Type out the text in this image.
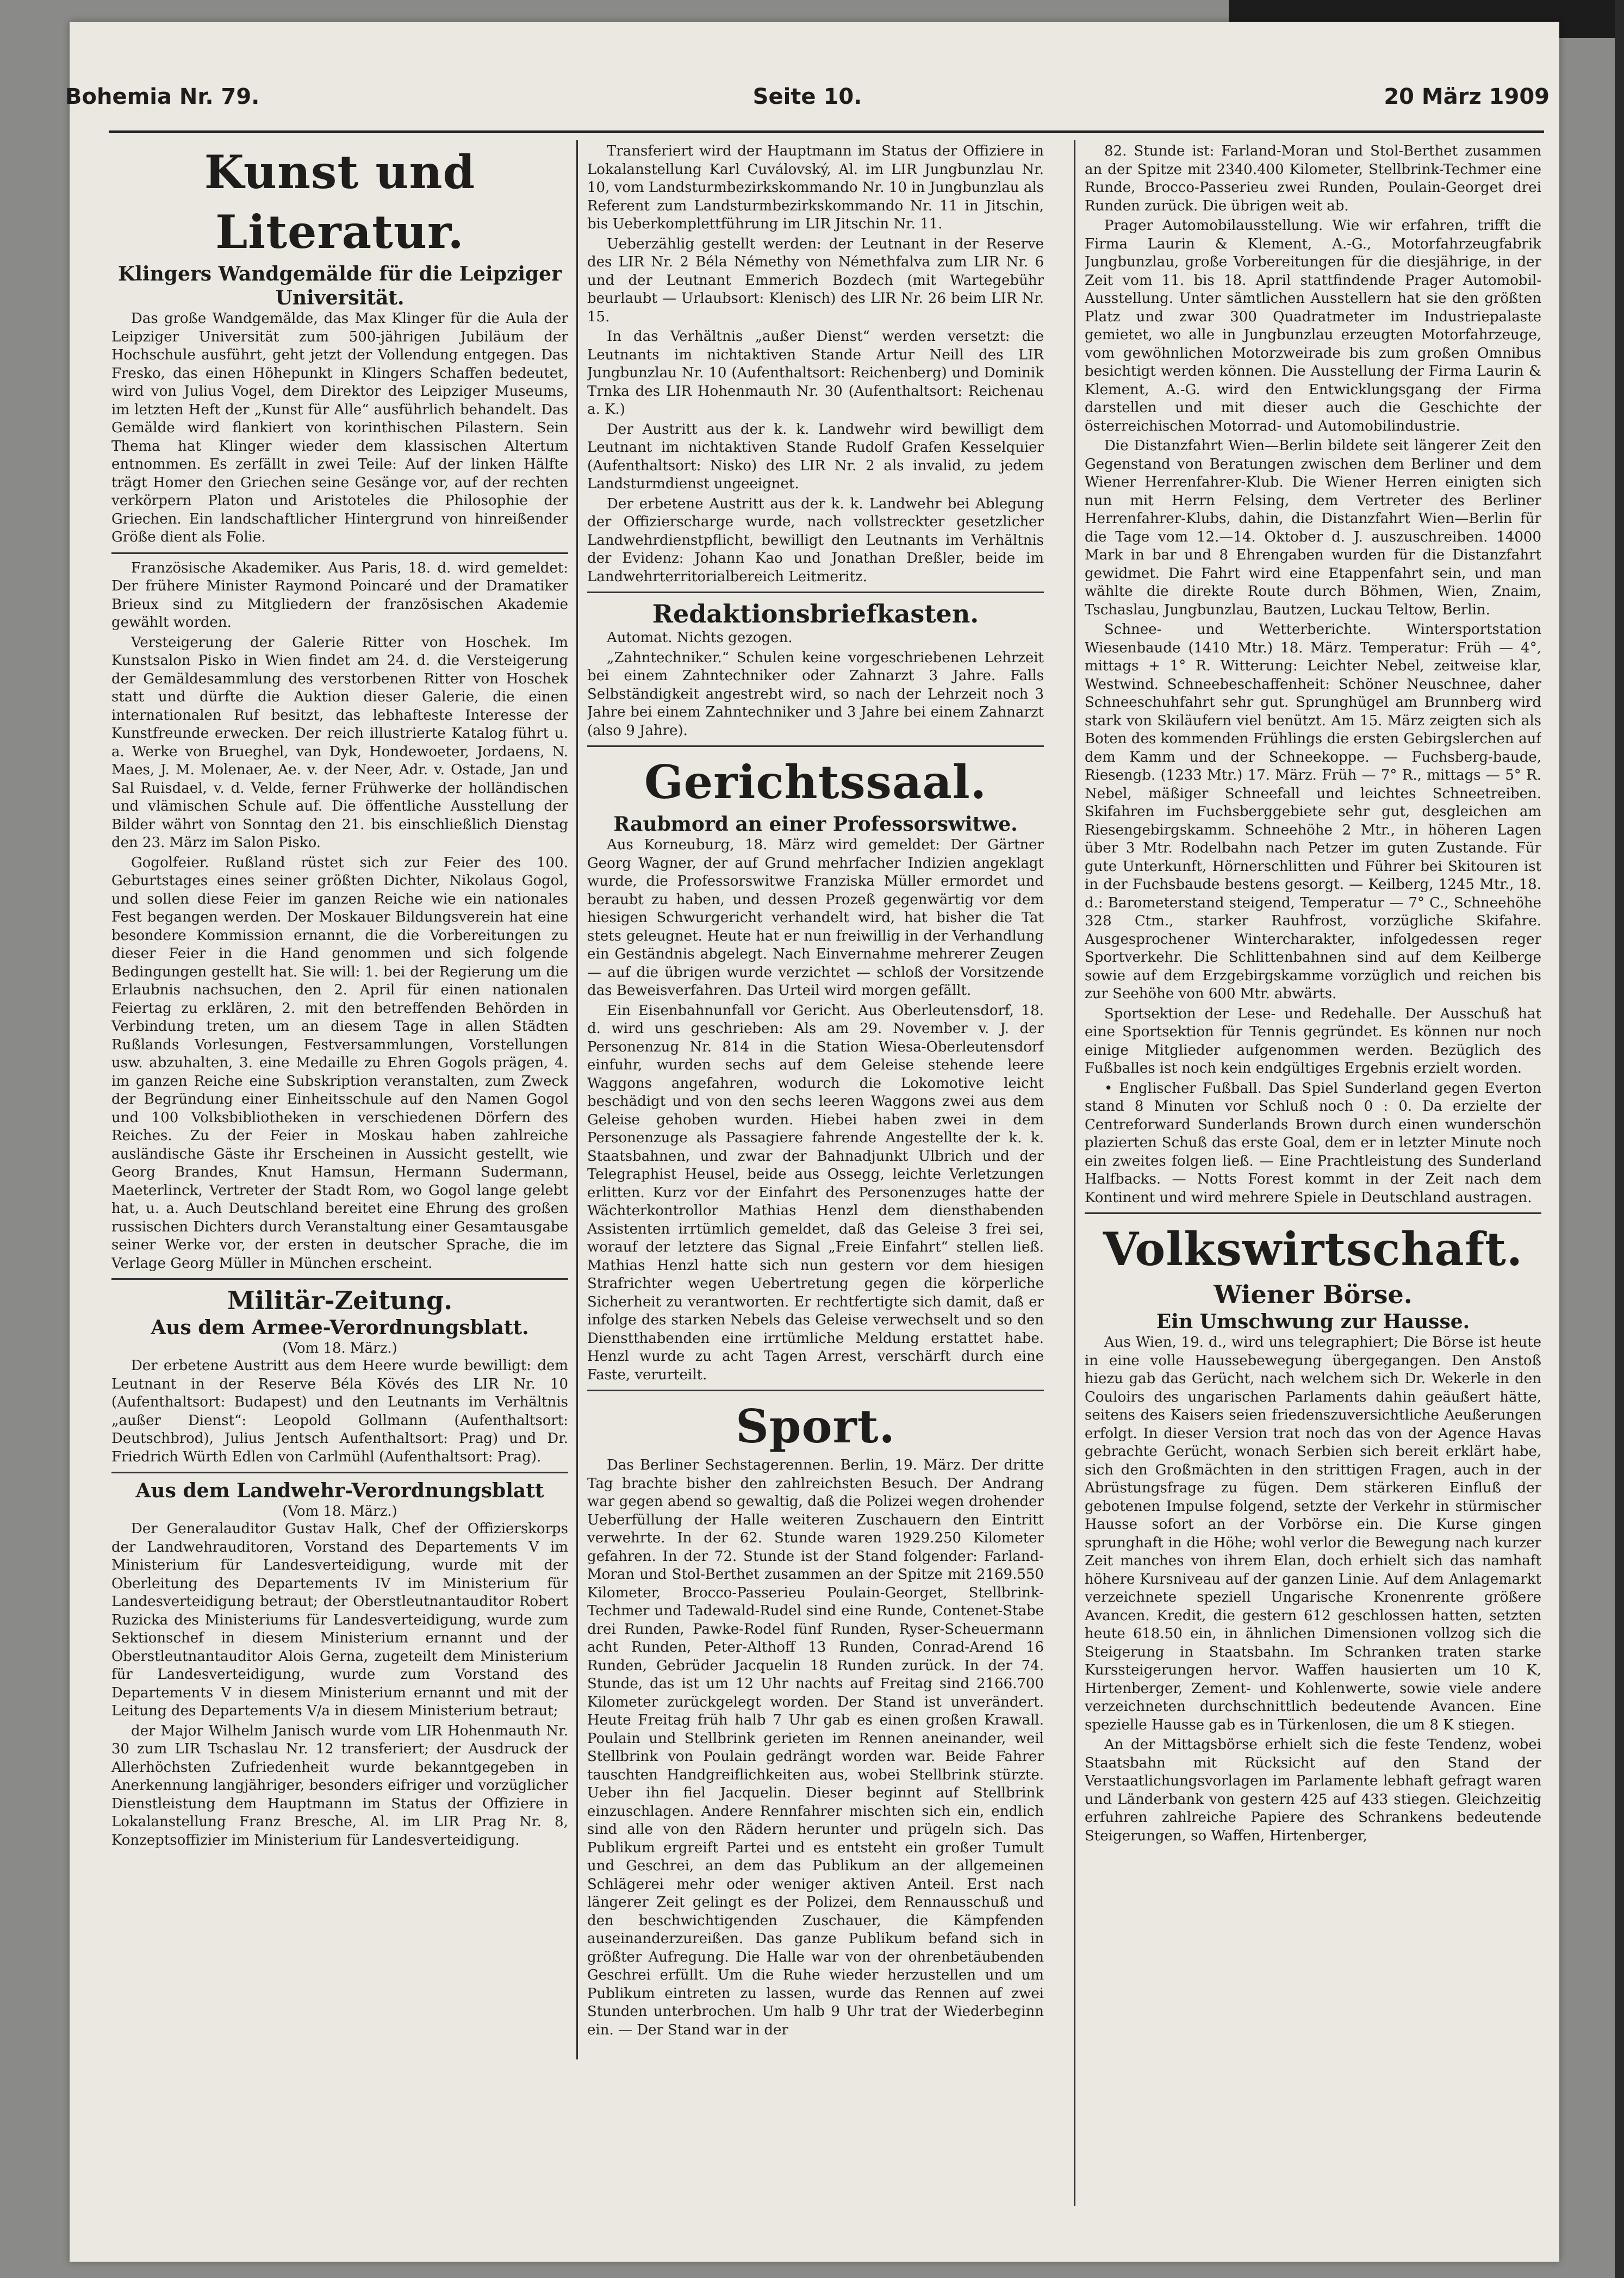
Bohemia Nr. 79.	Seite 10.	20 März 1909
Kunst und Literatur.
Klingers Wandgemälde für die Leipziger Universität.

Das große Wandgemälde, das Max Klinger für die Aula der Leipziger Universität zum 500-jährigen Jubiläum der Hochschule ausführt, geht jetzt der Vollendung entgegen. Das Fresko, das einen Höhepunkt in Klingers Schaffen bedeutet, wird von Julius Vogel, dem Direktor des Leipziger Museums, im letzten Heft der „Kunst für Alle“ ausführlich behandelt. Das Gemälde wird flankiert von korinthischen Pilastern. Sein Thema hat Klinger wieder dem klassischen Altertum entnommen. Es zerfällt in zwei Teile: Auf der linken Hälfte trägt Homer den Griechen seine Gesänge vor, auf der rechten verkörpern Platon und Aristoteles die Philosophie der Griechen. Ein landschaftlicher Hintergrund von hinreißender Größe dient als Folie.

Französische Akademiker. Aus Paris, 18. d. wird gemeldet: Der frühere Minister Raymond Poincaré und der Dramatiker Brieux sind zu Mitgliedern der französischen Akademie gewählt worden.

Versteigerung der Galerie Ritter von Hoschek. Im Kunstsalon Pisko in Wien findet am 24. d. die Versteigerung der Gemäldesammlung des verstorbenen Ritter von Hoschek statt und dürfte die Auktion dieser Galerie, die einen internationalen Ruf besitzt, das lebhafteste Interesse der Kunstfreunde erwecken. Der reich illustrierte Katalog führt u. a. Werke von Brueghel, van Dyk, Hondewoeter, Jordaens, N. Maes, J. M. Molenaer, Ae. v. der Neer, Adr. v. Ostade, Jan und Sal Ruisdael, v. d. Velde, ferner Frühwerke der holländischen und vlämischen Schule auf. Die öffentliche Ausstellung der Bilder währt von Sonntag den 21. bis einschließlich Dienstag den 23. März im Salon Pisko.

Gogolfeier. Rußland rüstet sich zur Feier des 100. Geburtstages eines seiner größten Dichter, Nikolaus Gogol, und sollen diese Feier im ganzen Reiche wie ein nationales Fest begangen werden. Der Moskauer Bildungsverein hat eine besondere Kommission ernannt, die die Vorbereitungen zu dieser Feier in die Hand genommen und sich folgende Bedingungen gestellt hat. Sie will: 1. bei der Regierung um die Erlaubnis nachsuchen, den 2. April für einen nationalen Feiertag zu erklären, 2. mit den betreffenden Behörden in Verbindung treten, um an diesem Tage in allen Städten Rußlands Vorlesungen, Festversammlungen, Vorstellungen usw. abzuhalten, 3. eine Medaille zu Ehren Gogols prägen, 4. im ganzen Reiche eine Subskription veranstalten, zum Zweck der Begründung einer Einheitsschule auf den Namen Gogol und 100 Volksbibliotheken in verschiedenen Dörfern des Reiches. Zu der Feier in Moskau haben zahlreiche ausländische Gäste ihr Erscheinen in Aussicht gestellt, wie Georg Brandes, Knut Hamsun, Hermann Sudermann, Maeterlinck, Vertreter der Stadt Rom, wo Gogol lange gelebt hat, u. a. Auch Deutschland bereitet eine Ehrung des großen russischen Dichters durch Veranstaltung einer Gesamtausgabe seiner Werke vor, der ersten in deutscher Sprache, die im Verlage Georg Müller in München erscheint.

Militär-Zeitung.
Aus dem Armee-Verordnungsblatt.
(Vom 18. März.)

Der erbetene Austritt aus dem Heere wurde bewilligt: dem Leutnant in der Reserve Béla Kövés des LIR Nr. 10 (Aufenthaltsort: Budapest) und den Leutnants im Verhältnis „außer Dienst“: Leopold Gollmann (Aufenthaltsort: Deutschbrod), Julius Jentsch Aufenthaltsort: Prag) und Dr. Friedrich Würth Edlen von Carlmühl (Aufenthaltsort: Prag).

Aus dem Landwehr-Verordnungsblatt
(Vom 18. März.)

Der Generalauditor Gustav Halk, Chef der Offizierskorps der Landwehrauditoren, Vorstand des Departements V im Ministerium für Landesverteidigung, wurde mit der Oberleitung des Departements IV im Ministerium für Landesverteidigung betraut; der Oberstleutnantauditor Robert Ruzicka des Ministeriums für Landesverteidigung, wurde zum Sektionschef in diesem Ministerium ernannt und der Oberstleutnantauditor Alois Gerna, zugeteilt dem Ministerium für Landesverteidigung, wurde zum Vorstand des Departements V in diesem Ministerium ernannt und mit der Leitung des Departements V/a in diesem Ministerium betraut;

der Major Wilhelm Janisch wurde vom LIR Hohenmauth Nr. 30 zum LIR Tschaslau Nr. 12 transferiert; der Ausdruck der Allerhöchsten Zufriedenheit wurde bekanntgegeben in Anerkennung langjähriger, besonders eifriger und vorzüglicher Dienstleistung dem Hauptmann im Status der Offiziere in Lokalanstellung Franz Bresche, Al. im LIR Prag Nr. 8, Konzeptsoffizier im Ministerium für Landesverteidigung.

Transferiert wird der Hauptmann im Status der Offiziere in Lokalanstellung Karl Cuválovský, Al. im LIR Jungbunzlau Nr. 10, vom Landsturmbezirkskommando Nr. 10 in Jungbunzlau als Referent zum Landsturmbezirkskommando Nr. 11 in Jitschin, bis Ueberkomplettführung im LIR Jitschin Nr. 11.

Ueberzählig gestellt werden: der Leutnant in der Reserve des LIR Nr. 2 Béla Némethy von Némethfalva zum LIR Nr. 6 und der Leutnant Emmerich Bozdech (mit Wartegebühr beurlaubt — Urlaubsort: Klenisch) des LIR Nr. 26 beim LIR Nr. 15.

In das Verhältnis „außer Dienst“ werden versetzt: die Leutnants im nichtaktiven Stande Artur Neill des LIR Jungbunzlau Nr. 10 (Aufenthaltsort: Reichenberg) und Dominik Trnka des LIR Hohenmauth Nr. 30 (Aufenthaltsort: Reichenau a. K.)

Der Austritt aus der k. k. Landwehr wird bewilligt dem Leutnant im nichtaktiven Stande Rudolf Grafen Kesselquier (Aufenthaltsort: Nisko) des LIR Nr. 2 als invalid, zu jedem Landsturmdienst ungeeignet.

Der erbetene Austritt aus der k. k. Landwehr bei Ablegung der Offizierscharge wurde, nach vollstreckter gesetzlicher Landwehrdienstpflicht, bewilligt den Leutnants im Verhältnis der Evidenz: Johann Kao und Jonathan Dreßler, beide im Landwehrterritorialbereich Leitmeritz.

Redaktionsbriefkasten.

Automat. Nichts gezogen.

„Zahntechniker.“ Schulen keine vorgeschriebenen Lehrzeit bei einem Zahntechniker oder Zahnarzt 3 Jahre. Falls Selbständigkeit angestrebt wird, so nach der Lehrzeit noch 3 Jahre bei einem Zahntechniker und 3 Jahre bei einem Zahnarzt (also 9 Jahre).

Gerichtssaal.
Raubmord an einer Professorswitwe.

Aus Korneuburg, 18. März wird gemeldet: Der Gärtner Georg Wagner, der auf Grund mehrfacher Indizien angeklagt wurde, die Professorswitwe Franziska Müller ermordet und beraubt zu haben, und dessen Prozeß gegenwärtig vor dem hiesigen Schwurgericht verhandelt wird, hat bisher die Tat stets geleugnet. Heute hat er nun freiwillig in der Verhandlung ein Geständnis abgelegt. Nach Einvernahme mehrerer Zeugen — auf die übrigen wurde verzichtet — schloß der Vorsitzende das Beweisverfahren. Das Urteil wird morgen gefällt.

Ein Eisenbahnunfall vor Gericht. Aus Oberleutensdorf, 18. d. wird uns geschrieben: Als am 29. November v. J. der Personenzug Nr. 814 in die Station Wiesa-Oberleutensdorf einfuhr, wurden sechs auf dem Geleise stehende leere Waggons angefahren, wodurch die Lokomotive leicht beschädigt und von den sechs leeren Waggons zwei aus dem Geleise gehoben wurden. Hiebei haben zwei in dem Personenzuge als Passagiere fahrende Angestellte der k. k. Staatsbahnen, und zwar der Bahnadjunkt Ulbrich und der Telegraphist Heusel, beide aus Ossegg, leichte Verletzungen erlitten. Kurz vor der Einfahrt des Personenzuges hatte der Wächterkontrollor Mathias Henzl dem diensthabenden Assistenten irrtümlich gemeldet, daß das Geleise 3 frei sei, worauf der letztere das Signal „Freie Einfahrt“ stellen ließ. Mathias Henzl hatte sich nun gestern vor dem hiesigen Strafrichter wegen Uebertretung gegen die körperliche Sicherheit zu verantworten. Er rechtfertigte sich damit, daß er infolge des starken Nebels das Geleise verwechselt und so den Dienstthabenden eine irrtümliche Meldung erstattet habe. Henzl wurde zu acht Tagen Arrest, verschärft durch eine Faste, verurteilt.

Sport.

Das Berliner Sechstagerennen. Berlin, 19. März. Der dritte Tag brachte bisher den zahlreichsten Besuch. Der Andrang war gegen abend so gewaltig, daß die Polizei wegen drohender Ueberfüllung der Halle weiteren Zuschauern den Eintritt verwehrte. In der 62. Stunde waren 1929.250 Kilometer gefahren. In der 72. Stunde ist der Stand folgender: Farland-Moran und Stol-Berthet zusammen an der Spitze mit 2169.550 Kilometer, Brocco-Passerieu Poulain-Georget, Stellbrink-Techmer und Tadewald-Rudel sind eine Runde, Contenet-Stabe drei Runden, Pawke-Rodel fünf Runden, Ryser-Scheuermann acht Runden, Peter-Althoff 13 Runden, Conrad-Arend 16 Runden, Gebrüder Jacquelin 18 Runden zurück. In der 74. Stunde, das ist um 12 Uhr nachts auf Freitag sind 2166.700 Kilometer zurückgelegt worden. Der Stand ist unverändert. Heute Freitag früh halb 7 Uhr gab es einen großen Krawall. Poulain und Stellbrink gerieten im Rennen aneinander, weil Stellbrink von Poulain gedrängt worden war. Beide Fahrer tauschten Handgreiflichkeiten aus, wobei Stellbrink stürzte. Ueber ihn fiel Jacquelin. Dieser beginnt auf Stellbrink einzuschlagen. Andere Rennfahrer mischten sich ein, endlich sind alle von den Rädern herunter und prügeln sich. Das Publikum ergreift Partei und es entsteht ein großer Tumult und Geschrei, an dem das Publikum an der allgemeinen Schlägerei mehr oder weniger aktiven Anteil. Erst nach längerer Zeit gelingt es der Polizei, dem Rennausschuß und den beschwichtigenden Zuschauer, die Kämpfenden auseinanderzureißen. Das ganze Publikum befand sich in größter Aufregung. Die Halle war von der ohrenbetäubenden Geschrei erfüllt. Um die Ruhe wieder herzustellen und um Publikum eintreten zu lassen, wurde das Rennen auf zwei Stunden unterbrochen. Um halb 9 Uhr trat der Wiederbeginn ein. — Der Stand war in der

82. Stunde ist: Farland-Moran und Stol-Berthet zusammen an der Spitze mit 2340.400 Kilometer, Stellbrink-Techmer eine Runde, Brocco-Passerieu zwei Runden, Poulain-Georget drei Runden zurück. Die übrigen weit ab.

Prager Automobilausstellung. Wie wir erfahren, trifft die Firma Laurin & Klement, A.-G., Motorfahrzeugfabrik Jungbunzlau, große Vorbereitungen für die diesjährige, in der Zeit vom 11. bis 18. April stattfindende Prager Automobil-Ausstellung. Unter sämtlichen Ausstellern hat sie den größten Platz und zwar 300 Quadratmeter im Industriepalaste gemietet, wo alle in Jungbunzlau erzeugten Motorfahrzeuge, vom gewöhnlichen Motorzweirade bis zum großen Omnibus besichtigt werden können. Die Ausstellung der Firma Laurin & Klement, A.-G. wird den Entwicklungsgang der Firma darstellen und mit dieser auch die Geschichte der österreichischen Motorrad- und Automobilindustrie.

Die Distanzfahrt Wien—Berlin bildete seit längerer Zeit den Gegenstand von Beratungen zwischen dem Berliner und dem Wiener Herrenfahrer-Klub. Die Wiener Herren einigten sich nun mit Herrn Felsing, dem Vertreter des Berliner Herrenfahrer-Klubs, dahin, die Distanzfahrt Wien—Berlin für die Tage vom 12.—14. Oktober d. J. auszuschreiben. 14000 Mark in bar und 8 Ehrengaben wurden für die Distanzfahrt gewidmet. Die Fahrt wird eine Etappenfahrt sein, und man wählte die direkte Route durch Böhmen, Wien, Znaim, Tschaslau, Jungbunzlau, Bautzen, Luckau Teltow, Berlin.

Schnee- und Wetterberichte. Wintersportstation Wiesenbaude (1410 Mtr.) 18. März. Temperatur: Früh — 4°, mittags + 1° R. Witterung: Leichter Nebel, zeitweise klar, Westwind. Schneebeschaffenheit: Schöner Neuschnee, daher Schneeschuhfahrt sehr gut. Sprunghügel am Brunnberg wird stark von Skiläufern viel benützt. Am 15. März zeigten sich als Boten des kommenden Frühlings die ersten Gebirgslerchen auf dem Kamm und der Schneekoppe. — Fuchsberg-baude, Riesengb. (1233 Mtr.) 17. März. Früh — 7° R., mittags — 5° R. Nebel, mäßiger Schneefall und leichtes Schneetreiben. Skifahren im Fuchsberggebiete sehr gut, desgleichen am Riesengebirgskamm. Schneehöhe 2 Mtr., in höheren Lagen über 3 Mtr. Rodelbahn nach Petzer im guten Zustande. Für gute Unterkunft, Hörnerschlitten und Führer bei Skitouren ist in der Fuchsbaude bestens gesorgt. — Keilberg, 1245 Mtr., 18. d.: Barometerstand steigend, Temperatur — 7° C., Schneehöhe 328 Ctm., starker Rauhfrost, vorzügliche Skifahre. Ausgesprochener Wintercharakter, infolgedessen reger Sportverkehr. Die Schlittenbahnen sind auf dem Keilberge sowie auf dem Erzgebirgskamme vorzüglich und reichen bis zur Seehöhe von 600 Mtr. abwärts.

Sportsektion der Lese- und Redehalle. Der Ausschuß hat eine Sportsektion für Tennis gegründet. Es können nur noch einige Mitglieder aufgenommen werden. Bezüglich des Fußballes ist noch kein endgültiges Ergebnis erzielt worden.

• Englischer Fußball. Das Spiel Sunderland gegen Everton stand 8 Minuten vor Schluß noch 0 : 0. Da erzielte der Centreforward Sunderlands Brown durch einen wunderschön plazierten Schuß das erste Goal, dem er in letzter Minute noch ein zweites folgen ließ. — Eine Prachtleistung des Sunderland Halfbacks. — Notts Forest kommt in der Zeit nach dem Kontinent und wird mehrere Spiele in Deutschland austragen.

Volkswirtschaft.
Wiener Börse.
Ein Umschwung zur Hausse.

Aus Wien, 19. d., wird uns telegraphiert; Die Börse ist heute in eine volle Haussebewegung übergegangen. Den Anstoß hiezu gab das Gerücht, nach welchem sich Dr. Wekerle in den Couloirs des ungarischen Parlaments dahin geäußert hätte, seitens des Kaisers seien friedenszuversichtliche Aeußerungen erfolgt. In dieser Version trat noch das von der Agence Havas gebrachte Gerücht, wonach Serbien sich bereit erklärt habe, sich den Großmächten in den strittigen Fragen, auch in der Abrüstungsfrage zu fügen. Dem stärkeren Einfluß der gebotenen Impulse folgend, setzte der Verkehr in stürmischer Hausse sofort an der Vorbörse ein. Die Kurse gingen sprunghaft in die Höhe; wohl verlor die Bewegung nach kurzer Zeit manches von ihrem Elan, doch erhielt sich das namhaft höhere Kursniveau auf der ganzen Linie. Auf dem Anlagemarkt verzeichnete speziell Ungarische Kronenrente größere Avancen. Kredit, die gestern 612 geschlossen hatten, setzten heute 618.50 ein, in ähnlichen Dimensionen vollzog sich die Steigerung in Staatsbahn. Im Schranken traten starke Kurssteigerungen hervor. Waffen hausierten um 10 K, Hirtenberger, Zement- und Kohlenwerte, sowie viele andere verzeichneten durchschnittlich bedeutende Avancen. Eine spezielle Hausse gab es in Türkenlosen, die um 8 K stiegen.

An der Mittagsbörse erhielt sich die feste Tendenz, wobei Staatsbahn mit Rücksicht auf den Stand der Verstaatlichungsvorlagen im Parlamente lebhaft gefragt waren und Länderbank von gestern 425 auf 433 stiegen. Gleichzeitig erfuhren zahlreiche Papiere des Schrankens bedeutende Steigerungen, so Waffen, Hirtenberger,
